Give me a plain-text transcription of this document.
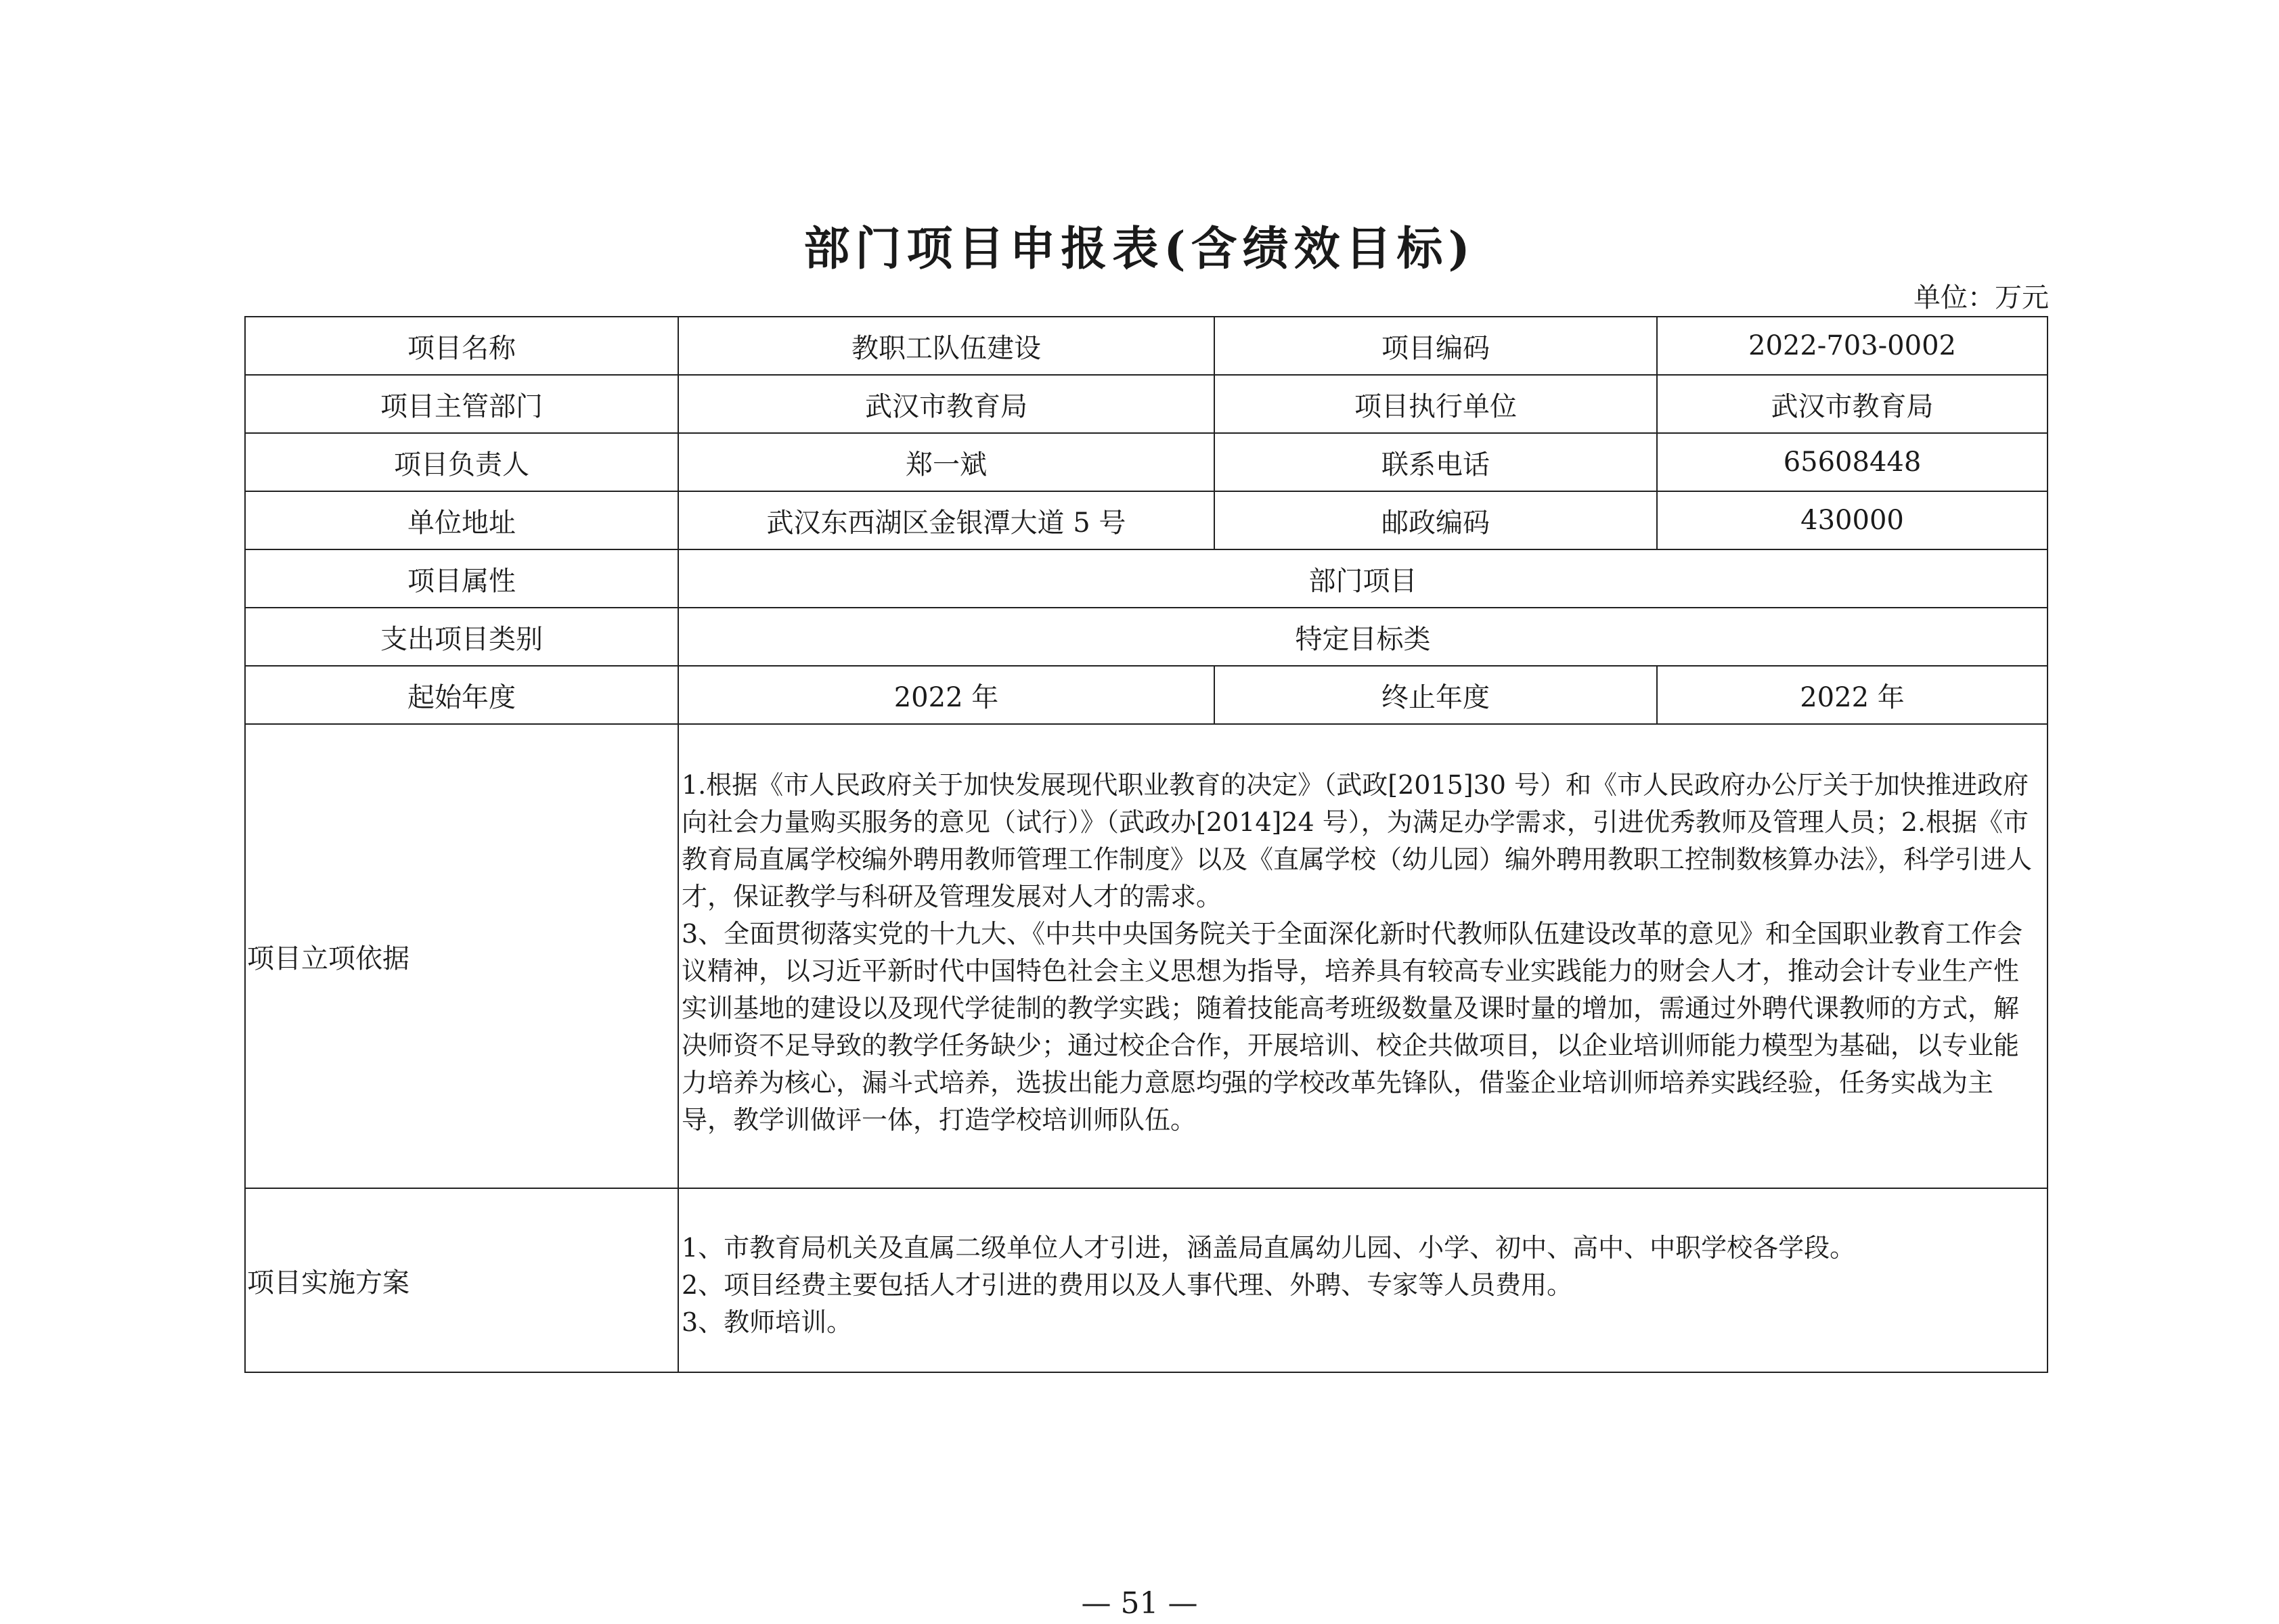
部门项目申报表(含绩效目标)
单位：万元
项目名称	教职工队伍建设	项目编码	2022-703-0002
项目主管部门	武汉市教育局	项目执行单位	武汉市教育局
项目负责人	郑一斌	联系电话	65608448
单位地址	武汉东西湖区金银潭大道 5 号	邮政编码	430000
项目属性	部门项目		
支出项目类别	特定目标类		
起始年度	2022 年	终止年度	2022 年
项目立项依据	1.根据《市人民政府关于加快发展现代职业教育的决定》（武政[2015]30 号）和《市人民政府办公厅关于加快推进政府向社会力量购买服务的意见（试行）》（武政办[2014]24 号），为满足办学需求，引进优秀教师及管理人员；2.根据《市教育局直属学校编外聘用教师管理工作制度》以及《直属学校（幼儿园）编外聘用教职工控制数核算办法》，科学引进人才，保证教学与科研及管理发展对人才的需求。
3、全面贯彻落实党的十九大、《中共中央国务院关于全面深化新时代教师队伍建设改革的意见》和全国职业教育工作会议精神，以习近平新时代中国特色社会主义思想为指导，培养具有较高专业实践能力的财会人才，推动会计专业生产性实训基地的建设以及现代学徒制的教学实践；随着技能高考班级数量及课时量的增加，需通过外聘代课教师的方式，解决师资不足导致的教学任务缺少；通过校企合作，开展培训、校企共做项目，以企业培训师能力模型为基础，以专业能力培养为核心，漏斗式培养，选拔出能力意愿均强的学校改革先锋队，借鉴企业培训师培养实践经验，任务实战为主导，教学训做评一体，打造学校培训师队伍。		

项目实施方案	1、市教育局机关及直属二级单位人才引进，涵盖局直属幼儿园、小学、初中、高中、中职学校各学段。
2、项目经费主要包括人才引进的费用以及人事代理、外聘、专家等人员费用。
3、教师培训。		
— 51 —
